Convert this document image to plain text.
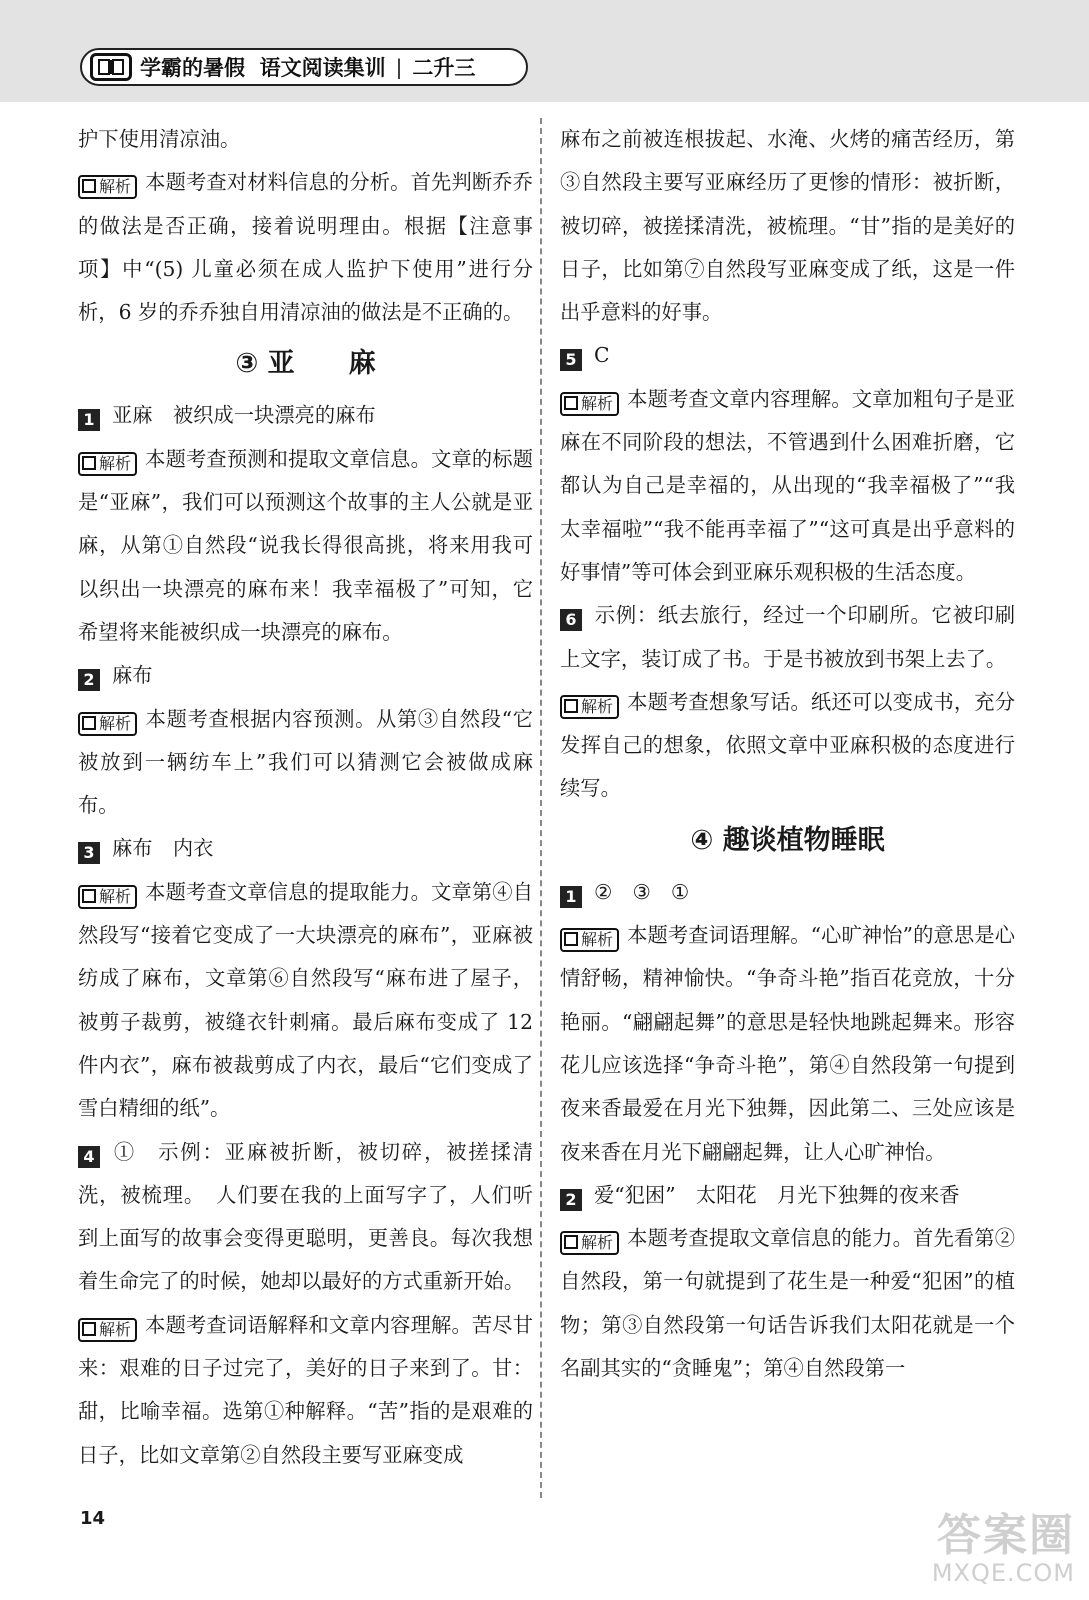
学霸的暑假  语文阅读集训 | 二升三

护下使用清凉油。

解析 本题考查对材料信息的分析。首先判断乔乔的做法是否正确，接着说明理由。根据【注意事项】中“(5) 儿童必须在成人监护下使用”进行分析，6 岁的乔乔独自用清凉油的做法是不正确的。

③ 亚　　麻

1 亚麻　被织成一块漂亮的麻布

解析 本题考查预测和提取文章信息。文章的标题是“亚麻”，我们可以预测这个故事的主人公就是亚麻，从第①自然段“说我长得很高挑，将来用我可以织出一块漂亮的麻布来！我幸福极了”可知，它希望将来能被织成一块漂亮的麻布。

2 麻布

解析 本题考查根据内容预测。从第③自然段“它被放到一辆纺车上”我们可以猜测它会被做成麻布。

3 麻布　内衣

解析 本题考查文章信息的提取能力。文章第④自然段写“接着它变成了一大块漂亮的麻布”，亚麻被纺成了麻布，文章第⑥自然段写“麻布进了屋子，被剪子裁剪，被缝衣针刺痛。最后麻布变成了 12 件内衣”，麻布被裁剪成了内衣，最后“它们变成了雪白精细的纸”。

4 ①　示例：亚麻被折断，被切碎，被搓揉清洗，被梳理。　人们要在我的上面写字了，人们听到上面写的故事会变得更聪明，更善良。每次我想着生命完了的时候，她却以最好的方式重新开始。

解析 本题考查词语解释和文章内容理解。苦尽甘来：艰难的日子过完了，美好的日子来到了。甘：甜，比喻幸福。选第①种解释。“苦”指的是艰难的日子，比如文章第②自然段主要写亚麻变成

麻布之前被连根拔起、水淹、火烤的痛苦经历，第③自然段主要写亚麻经历了更惨的情形：被折断，被切碎，被搓揉清洗，被梳理。“甘”指的是美好的日子，比如第⑦自然段写亚麻变成了纸，这是一件出乎意料的好事。

5 C

解析 本题考查文章内容理解。文章加粗句子是亚麻在不同阶段的想法，不管遇到什么困难折磨，它都认为自己是幸福的，从出现的“我幸福极了”“我太幸福啦”“我不能再幸福了”“这可真是出乎意料的好事情”等可体会到亚麻乐观积极的生活态度。

6 示例：纸去旅行，经过一个印刷所。它被印刷上文字，装订成了书。于是书被放到书架上去了。

解析 本题考查想象写话。纸还可以变成书，充分发挥自己的想象，依照文章中亚麻积极的态度进行续写。

④ 趣谈植物睡眠

1 ②　③　①

解析 本题考查词语理解。“心旷神怡”的意思是心情舒畅，精神愉快。“争奇斗艳”指百花竞放，十分艳丽。“翩翩起舞”的意思是轻快地跳起舞来。形容花儿应该选择“争奇斗艳”，第④自然段第一句提到夜来香最爱在月光下独舞，因此第二、三处应该是夜来香在月光下翩翩起舞，让人心旷神怡。

2 爱“犯困”　太阳花　月光下独舞的夜来香

解析 本题考查提取文章信息的能力。首先看第②自然段，第一句就提到了花生是一种爱“犯困”的植物；第③自然段第一句话告诉我们太阳花就是一个名副其实的“贪睡鬼”；第④自然段第一

14	答案圈
MXQE.COM
